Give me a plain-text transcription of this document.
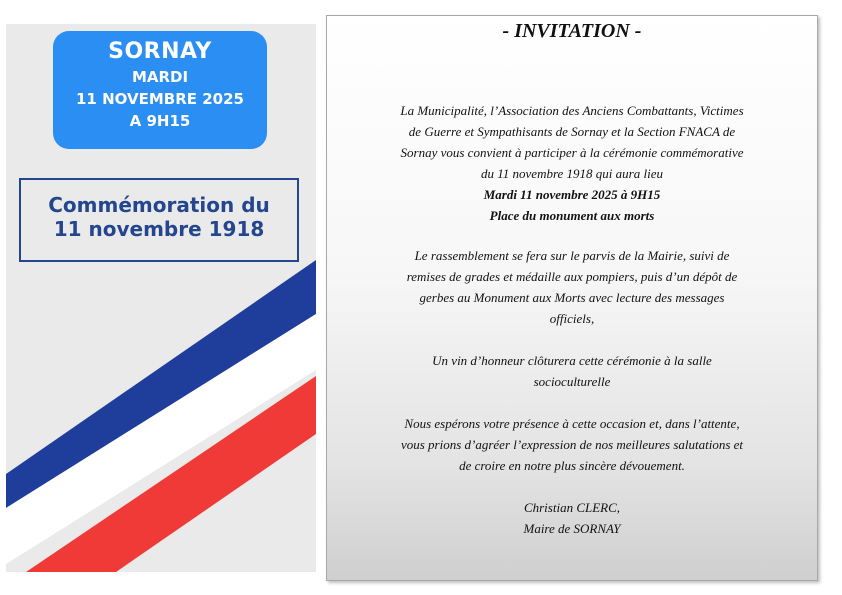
SORNAY
MARDI
11 NOVEMBRE 2025
A 9H15
Commémoration du
11 novembre 1918
- INVITATION -
La Municipalité, l’Association des Anciens Combattants, Victimes
de Guerre et Sympathisants de Sornay et la Section FNACA de
Sornay vous convient à participer à la cérémonie commémorative
du 11 novembre 1918 qui aura lieu
Mardi 11 novembre 2025 à 9H15
Place du monument aux morts
Le rassemblement se fera sur le parvis de la Mairie, suivi de
remises de grades et médaille aux pompiers, puis d’un dépôt de
gerbes au Monument aux Morts avec lecture des messages
officiels,
Un vin d’honneur clôturera cette cérémonie à la salle
socioculturelle
Nous espérons votre présence à cette occasion et, dans l’attente,
vous prions d’agréer l’expression de nos meilleures salutations et
de croire en notre plus sincère dévouement.
Christian CLERC,
Maire de SORNAY
